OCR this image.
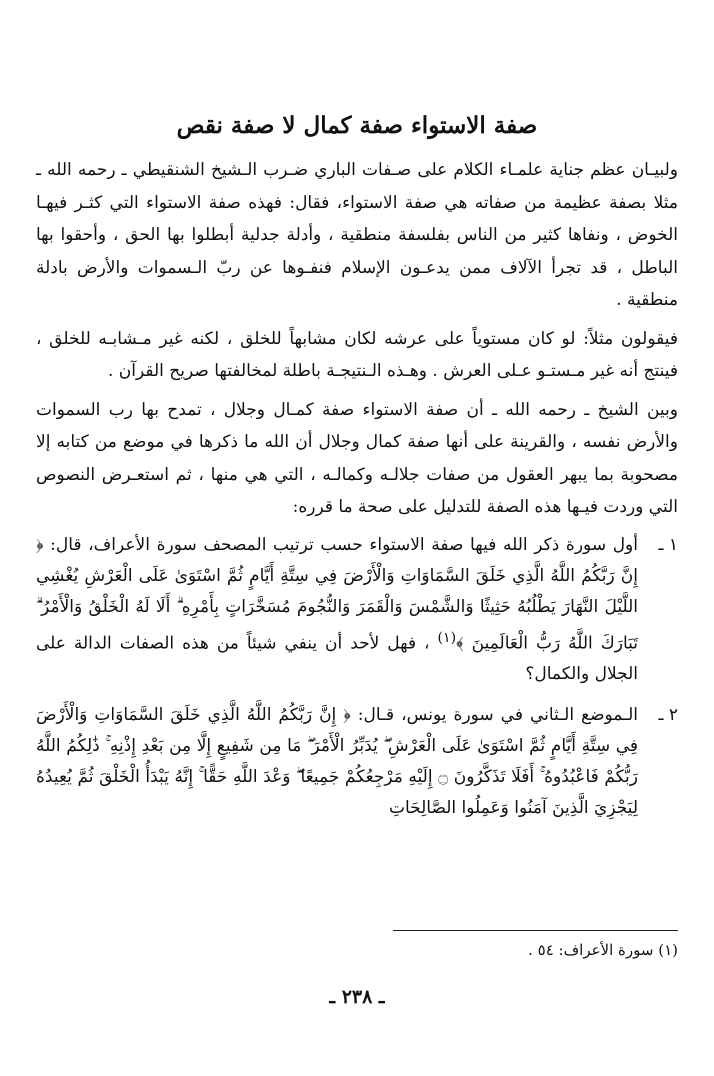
صفة الاستواء صفة كمال لا صفة نقص

ولبيـان عظم جناية علمـاء الكلام على صـفات الباري ضـرب الـشيخ الشنقيطي ـ رحمه الله ـ مثلا بصفة عظيمة من صفاته هي صفة الاستواء، فقال: فهذه صفة الاستواء التي كثـر فيهـا الخوض ، ونفاها كثير من الناس بفلسفة منطقية ، وأدلة جدلية أبطلوا بها الحق ، وأحقوا بها الباطل ، قد تجرأ الآلاف ممن يدعـون الإسلام فنفـوها عن ربّ الـسموات والأرض بادلة منطقية .

فيقولون مثلاً: لو كان مستوياً على عرشه لكان مشابهاً للخلق ، لكنه غير مـشابـه للخلق ، فينتج أنه غير مـستـو عـلى العرش . وهـذه الـنتيجـة باطلة لمخالفتها صريح القرآن .

وبين الشيخ ـ رحمه الله ـ أن صفة الاستواء صفة كمـال وجلال ، تمدح بها رب السموات والأرض نفسه ، والقرينة على أنها صفة كمال وجلال أن الله ما ذكرها في موضع من كتابه إلا مصحوبة بما يبهر العقول من صفات جلالـه وكمالـه ، التي هي منها ، ثم استعـرض النصوص التي وردت فيـها هذه الصفة للتدليل على صحة ما قرره:

١ ـ
أول سورة ذكر الله فيها صفة الاستواء حسب ترتيب المصحف سورة الأعراف، قال: ﴿ إِنَّ رَبَّكُمُ اللَّهُ الَّذِي خَلَقَ السَّمَاوَاتِ وَالْأَرْضَ فِي سِتَّةِ أَيَّامٍ ثُمَّ اسْتَوَىٰ عَلَى الْعَرْشِ يُغْشِي اللَّيْلَ النَّهَارَ يَطْلُبُهُ حَثِيثًا وَالشَّمْسَ وَالْقَمَرَ وَالنُّجُومَ مُسَخَّرَاتٍ بِأَمْرِهِ ۗ أَلَا لَهُ الْخَلْقُ وَالْأَمْرُ ۗ تَبَارَكَ اللَّهُ رَبُّ الْعَالَمِينَ ﴾$^{(١)}$ ، فهل لأحد أن ينفي شيئاً من هذه الصفات الدالة على الجلال والكمال؟
٢ ـ
الـموضع الـثاني في سورة يونس، قـال: ﴿ إِنَّ رَبَّكُمُ اللَّهُ الَّذِي خَلَقَ السَّمَاوَاتِ وَالْأَرْضَ فِي سِتَّةِ أَيَّامٍ ثُمَّ اسْتَوَىٰ عَلَى الْعَرْشِ ۖ يُدَبِّرُ الْأَمْرَ ۖ مَا مِن شَفِيعٍ إِلَّا مِن بَعْدِ إِذْنِهِ ۚ ذَٰلِكُمُ اللَّهُ رَبُّكُمْ فَاعْبُدُوهُ ۚ أَفَلَا تَذَكَّرُونَ ۝ إِلَيْهِ مَرْجِعُكُمْ جَمِيعًا ۖ وَعْدَ اللَّهِ حَقًّا ۚ إِنَّهُ يَبْدَأُ الْخَلْقَ ثُمَّ يُعِيدُهُ لِيَجْزِيَ الَّذِينَ آمَنُوا وَعَمِلُوا الصَّالِحَاتِ
(١) سورة الأعراف: ٥٤ .
ـ ٢٣٨ ـ
